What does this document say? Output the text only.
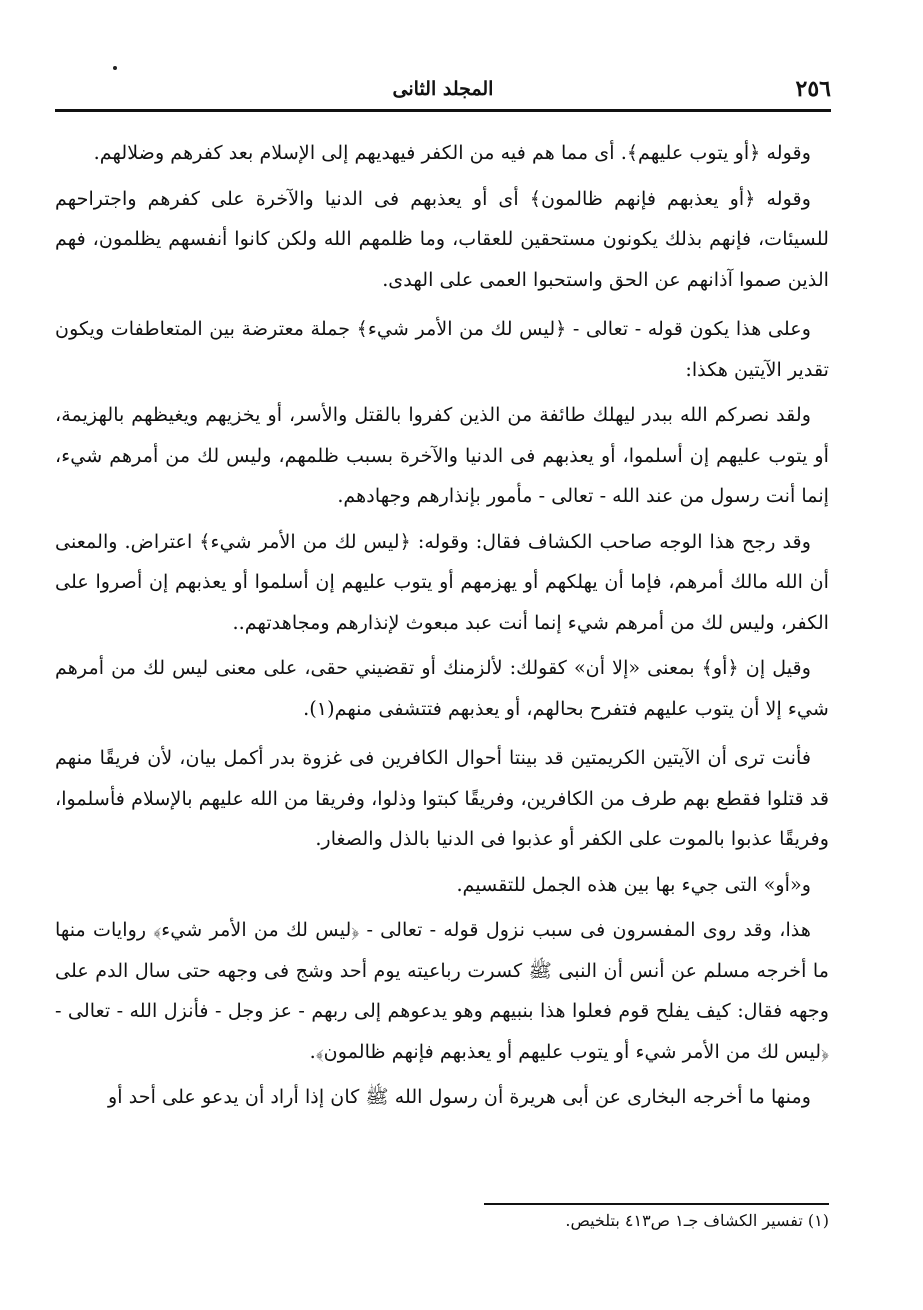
٢٥٦
المجلد الثانى

وقوله ﴿أو يتوب عليهم﴾. أى مما هم فيه من الكفر فيهديهم إلى الإسلام بعد كفرهم وضلالهم.

وقوله ﴿أو يعذبهم فإنهم ظالمون﴾ أى أو يعذبهم فى الدنيا والآخرة على كفرهم واجتراحهم للسيئات، فإنهم بذلك يكونون مستحقين للعقاب، وما ظلمهم الله ولكن كانوا أنفسهم يظلمون، فهم الذين صموا آذانهم عن الحق واستحبوا العمى على الهدى.

وعلى هذا يكون قوله - تعالى - ﴿ليس لك من الأمر شيء﴾ جملة معترضة بين المتعاطفات ويكون تقدير الآيتين هكذا:

ولقد نصركم الله ببدر ليهلك طائفة من الذين كفروا بالقتل والأسر، أو يخزيهم ويغيظهم بالهزيمة، أو يتوب عليهم إن أسلموا، أو يعذبهم فى الدنيا والآخرة بسبب ظلمهم، وليس لك من أمرهم شيء، إنما أنت رسول من عند الله - تعالى - مأمور بإنذارهم وجهادهم.

وقد رجح هذا الوجه صاحب الكشاف فقال: وقوله: ﴿ليس لك من الأمر شيء﴾ اعتراض. والمعنى أن الله مالك أمرهم، فإما أن يهلكهم أو يهزمهم أو يتوب عليهم إن أسلموا أو يعذبهم إن أصروا على الكفر، وليس لك من أمرهم شيء إنما أنت عبد مبعوث لإنذارهم ومجاهدتهم..

وقيل إن ﴿أو﴾ بمعنى «إلا أن» كقولك: لألزمنك أو تقضيني حقى، على معنى ليس لك من أمرهم شيء إلا أن يتوب عليهم فتفرح بحالهم، أو يعذبهم فتتشفى منهم(١).

فأنت ترى أن الآيتين الكريمتين قد بينتا أحوال الكافرين فى غزوة بدر أكمل بيان، لأن فريقًا منهم قد قتلوا فقطع بهم طرف من الكافرين، وفريقًا كبتوا وذلوا، وفريقا من الله عليهم بالإسلام فأسلموا، وفريقًا عذبوا بالموت على الكفر أو عذبوا فى الدنيا بالذل والصغار.

و«أو» التى جيء بها بين هذه الجمل للتقسيم.

هذا، وقد روى المفسرون فى سبب نزول قوله - تعالى - ﴿ليس لك من الأمر شيء﴾ روايات منها ما أخرجه مسلم عن أنس أن النبى ﷺ كسرت رباعيته يوم أحد وشج فى وجهه حتى سال الدم على وجهه فقال: كيف يفلح قوم فعلوا هذا بنبيهم وهو يدعوهم إلى ربهم - عز وجل - فأنزل الله - تعالى - ﴿ليس لك من الأمر شيء أو يتوب عليهم أو يعذبهم فإنهم ظالمون﴾.

ومنها ما أخرجه البخارى عن أبى هريرة أن رسول الله ﷺ كان إذا أراد أن يدعو على أحد أو

(١) تفسير الكشاف جـ١ ص٤١٣ بتلخيص.
